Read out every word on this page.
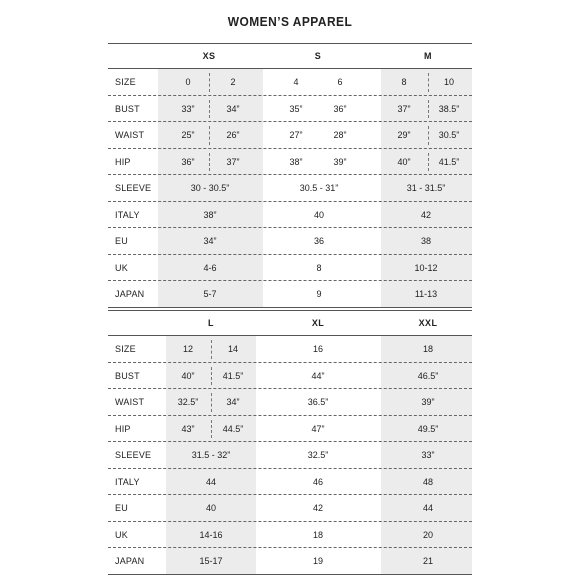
WOMEN’S APPAREL
XS	S	M
SIZE	0	2	4	6	8	10
BUST	33”	34”	35”	36”	37”	38.5”
WAIST	25”	26”	27”	28”	29”	30.5”
HIP	36”	37”	38”	39”	40”	41.5”
SLEEVE	30 - 30.5”	30.5 - 31”	31 - 31.5”
ITALY	38”	40	42
EU	34”	36	38
UK	4-6	8	10-12
JAPAN	5-7	9	11-13
L	XL	XXL
SIZE	12	14	16	18
BUST	40”	41.5”	44”	46.5”
WAIST	32.5”	34”	36.5”	39”
HIP	43”	44.5”	47”	49.5”
SLEEVE	31.5 - 32”	32.5”	33”
ITALY	44	46	48
EU	40	42	44
UK	14-16	18	20
JAPAN	15-17	19	21
